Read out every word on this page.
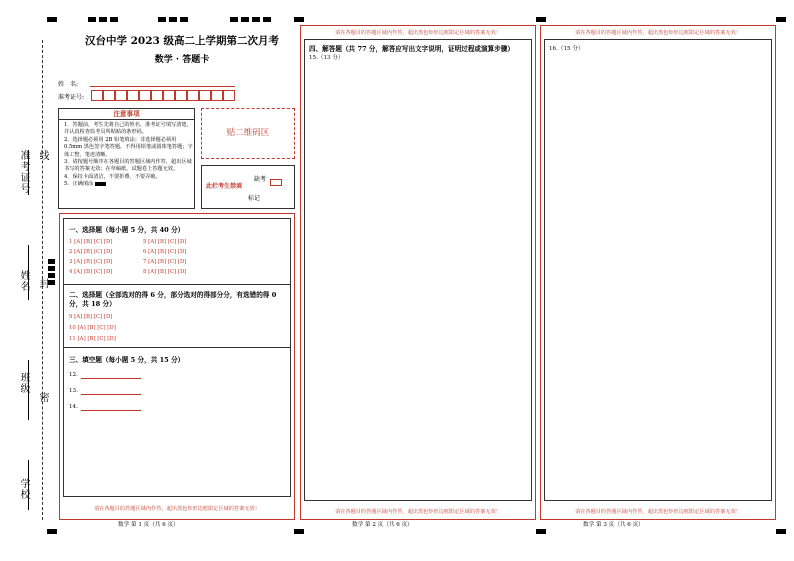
准考证号 线
姓名 封
班级
密
学校
汉台中学 2023 级高二上学期第二次月考
数学 · 答题卡
姓　名:
准考证号:
注意事项
1．答题前，考生先将自己的姓名、准考证号填写清楚，并认真检查监考员所粘贴的条形码。
2．选择题必须用 2B 铅笔填涂；非选择题必须用 0.5mm 黑色签字笔答题，不得用铅笔或圆珠笔答题；字体工整、笔迹清晰。
3．请按题号顺序在各题目的答题区域内作答，超出区域书写的答案无效；在草稿纸、试题卷上答题无效。
4．保持卡面清洁，不要折叠、不要弄破。
5．正确填涂
贴二维码区
此栏考生禁填
缺考
标记
一、选择题（每小题 5 分，共 40 分）
1 [A] [B] [C] [D]
2 [A] [B] [C] [D]
3 [A] [B] [C] [D]
4 [A] [B] [C] [D]
5 [A] [B] [C] [D]
6 [A] [B] [C] [D]
7 [A] [B] [C] [D]
8 [A] [B] [C] [D]
二、选择题（全部选对的得 6 分，部分选对的得部分分，有选错的得 0
分，共 18 分）
9 [A] [B] [C] [D]
10 [A] [B] [C] [D]
11 [A] [B] [C] [D]
三、填空题（每小题 5 分，共 15 分）
12.
13.
14.
请在各题目的答题区域内作答，超出黑色矩形边框限定区域的答案无效！
数学 第 1 页（共 6 页）
请在各题目的答题区域内作答，超出黑色矩形边框限定区域的答案无效！
四、解答题（共 77 分，解答应写出文字说明，证明过程或演算步骤）
15.（13 分）
请在各题目的答题区域内作答，超出黑色矩形边框限定区域的答案无效！
数学 第 2 页（共 6 页）
请在各题目的答题区域内作答，超出黑色矩形边框限定区域的答案无效！
16.（15 分）
请在各题目的答题区域内作答，超出黑色矩形边框限定区域的答案无效！
数学 第 3 页（共 6 页）
